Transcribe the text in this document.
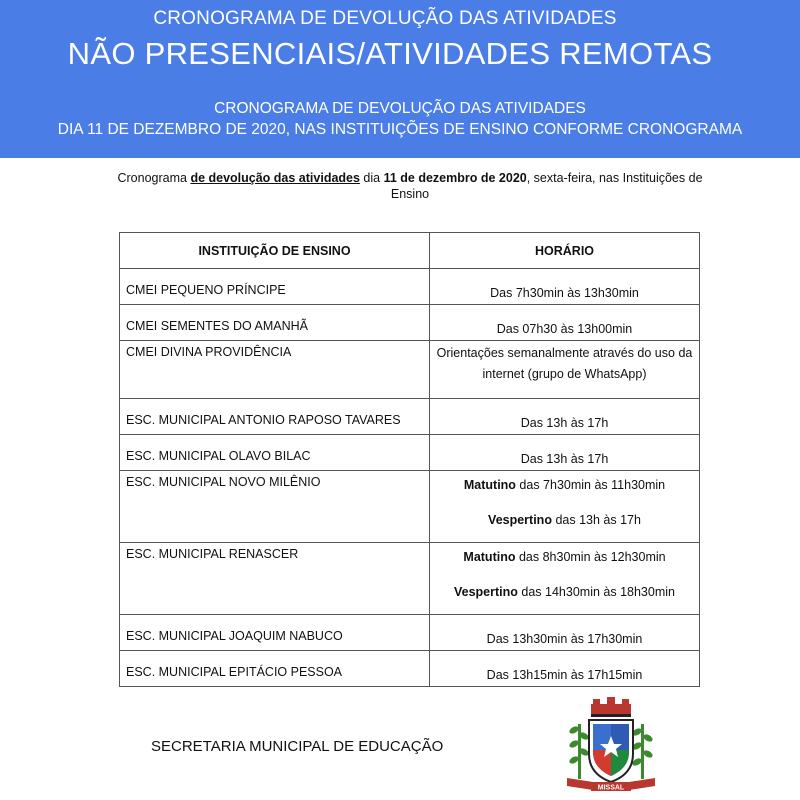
CRONOGRAMA DE DEVOLUÇÃO DAS ATIVIDADES
NÃO PRESENCIAIS/ATIVIDADES REMOTAS
CRONOGRAMA DE DEVOLUÇÃO DAS ATIVIDADES
DIA 11 DE DEZEMBRO DE 2020, NAS INSTITUIÇÕES DE ENSINO CONFORME CRONOGRAMA
Cronograma de devolução das atividades dia 11 de dezembro de 2020, sexta-feira, nas Instituições de Ensino
INSTITUIÇÃO DE ENSINO	HORÁRIO
CMEI PEQUENO PRÍNCIPE	Das 7h30min às 13h30min
CMEI SEMENTES DO AMANHÃ	Das 07h30 às 13h00min
CMEI DIVINA PROVIDÊNCIA	Orientações semanalmente através do uso da internet (grupo de WhatsApp)
ESC. MUNICIPAL ANTONIO RAPOSO TAVARES	Das 13h às 17h
ESC. MUNICIPAL OLAVO BILAC	Das 13h às 17h
ESC. MUNICIPAL NOVO MILÊNIO	Matutino das 7h30min às 11h30min
Vespertino das 13h às 17h

ESC. MUNICIPAL RENASCER	Matutino das 8h30min às 12h30min
Vespertino das 14h30min às 18h30min

ESC. MUNICIPAL JOAQUIM NABUCO	Das 13h30min às 17h30min
ESC. MUNICIPAL EPITÁCIO PESSOA	Das 13h15min às 17h15min
SECRETARIA MUNICIPAL DE EDUCAÇÃO
MISSAL
